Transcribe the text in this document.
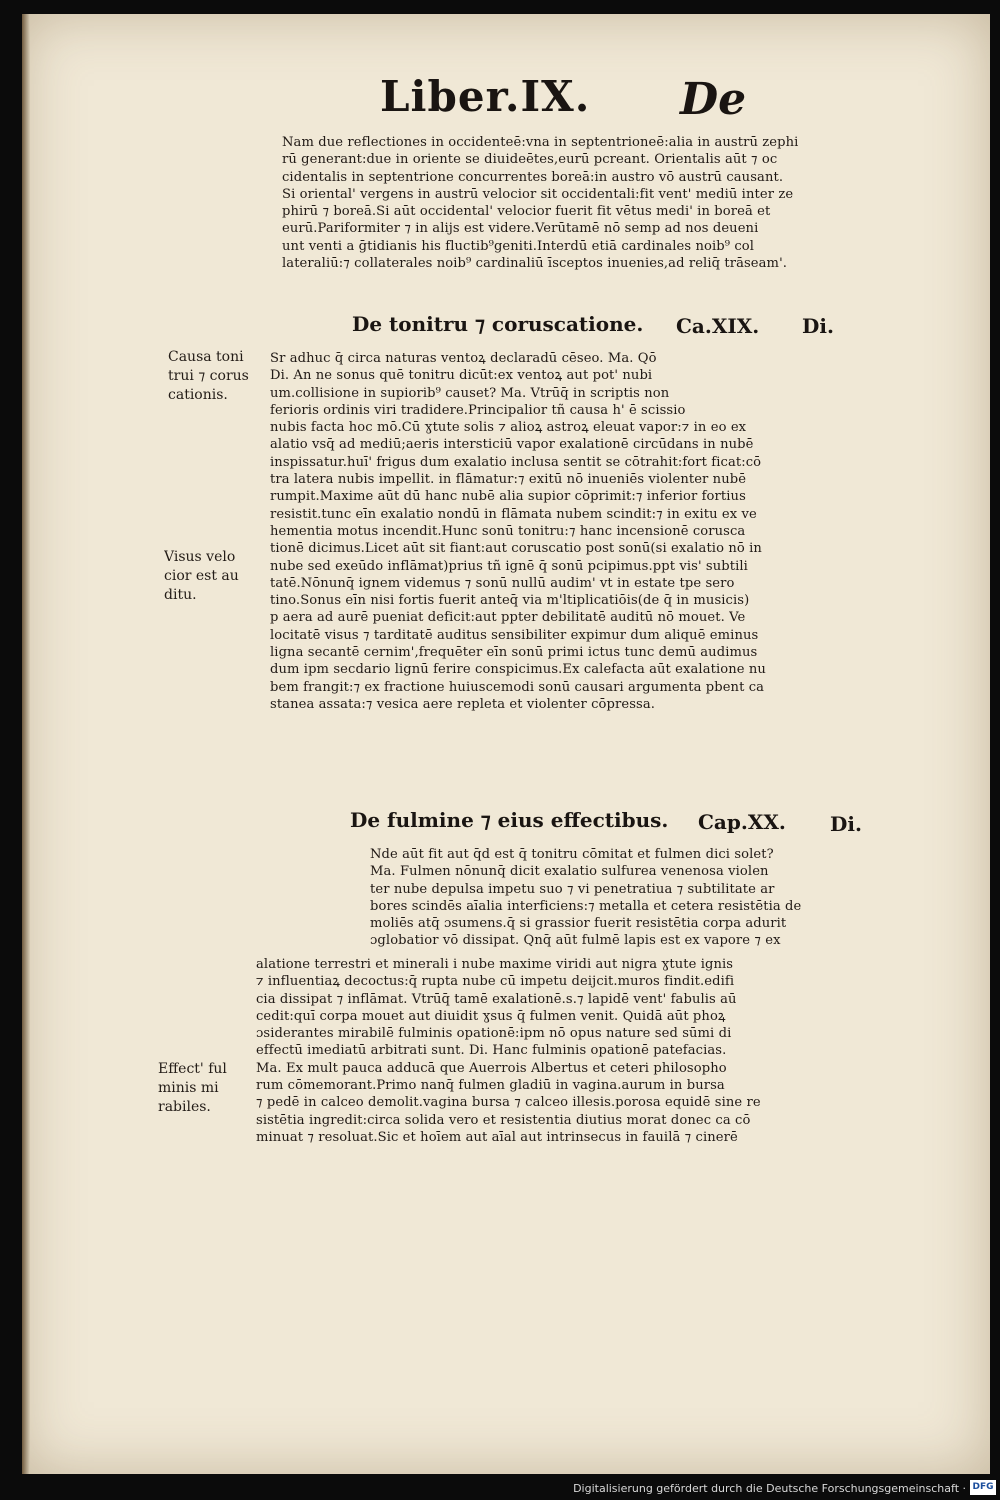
Liber.IX. De
Nam due reflectiones in occidenteē:vna in septentrioneē:alia in austrū zephi
rū generant:due in oriente se diuideētes,eurū pcreant. Orientalis aūt ⁊ oc
cidentalis in septentrione concurrentes boreā:in austro vō austrū causant.
Si oriental' vergens in austrū velocior sit occidentali:fit vent' mediū inter ze
phirū ⁊ boreā.Si aūt occidental' velocior fuerit fit vētus medi' in boreā et
eurū.Pariformiter ⁊ in alijs est videre.Verūtamē nō semp ad nos deueni
unt venti a ḡtidianis his fluctib⁹geniti.Interdū etiā cardinales noib⁹ col
lateraliū:⁊ collaterales noib⁹ cardinaliū īsceptos inuenies,ad reliq̄ trāseam'.
De tonitru ⁊ coruscatione. Ca.XIX. Di.
Causa toni
trui ⁊ corus
cationis.
Sr adhuc q̄ circa naturas ventoꝝ declaradū cēseo. Ma. Qō
Di. An ne sonus quē tonitru dicūt:ex ventoꝝ aut pot' nubi
um.collisione in supiorib⁹ causet? Ma. Vtrūq̄ in scriptis non
ferioris ordinis viri tradidere.Principalior tñ causa h' ē scissio
nubis facta hoc mō.Cū ɣtute solis ⁊ alioꝝ astroꝝ eleuat vapor:⁊ in eo ex
alatio vsq̄ ad mediū;aeris intersticiū vapor exalationē circūdans in nubē
inspissatur.huī' frigus dum exalatio inclusa sentit se cōtrahit:fort ficat:cō
tra latera nubis impellit. in flāmatur:⁊ exitū nō inueniēs violenter nubē
rumpit.Maxime aūt dū hanc nubē alia supior cōprimit:⁊ inferior fortius
resistit.tunc eīn exalatio nondū in flāmata nubem scindit:⁊ in exitu ex ve
hementia motus incendit.Hunc sonū tonitru:⁊ hanc incensionē corusca
tionē dicimus.Licet aūt sit fiant:aut coruscatio post sonū(si exalatio nō in
nube sed exeūdo inflāmat)prius tñ ignē q̄ sonū pcipimus.ppt vis' subtili
tatē.Nōnunq̄ ignem videmus ⁊ sonū nullū audim' vt in estate tpe sero
tino.Sonus eīn nisi fortis fuerit anteq̄ via m'ltiplicatiōis(de q̄ in musicis)
p aera ad aurē pueniat deficit:aut ppter debilitatē auditū nō mouet. Ve
locitatē visus ⁊ tarditatē auditus sensibiliter expimur dum aliquē eminus
ligna secantē cernim',frequēter eīn sonū primi ictus tunc demū audimus
dum ipm secdario lignū ferire conspicimus.Ex calefacta aūt exalatione nu
bem frangit:⁊ ex fractione huiuscemodi sonū causari argumenta pbent ca
stanea assata:⁊ vesica aere repleta et violenter cōpressa.
Visus velo
cior est au
ditu.
De fulmine ⁊ eius effectibus. Cap.XX. Di.
Nde aūt fit aut q̄d est q̄ tonitru cōmitat et fulmen dici solet?
Ma. Fulmen nōnunq̄ dicit exalatio sulfurea venenosa violen
ter nube depulsa impetu suo ⁊ vi penetratiua ⁊ subtilitate ar
bores scindēs aīalia interficiens:⁊ metalla et cetera resistētia de
moliēs atq̄ ɔsumens.q̄ si grassior fuerit resistētia corpa adurit
ɔglobatior vō dissipat. Qnq̄ aūt fulmē lapis est ex vapore ⁊ ex
alatione terrestri et minerali i nube maxime viridi aut nigra ɣtute ignis
⁊ influentiaꝝ decoctus:q̄ rupta nube cū impetu deijcit.muros findit.edifi
cia dissipat ⁊ inflāmat. Vtrūq̄ tamē exalationē.s.⁊ lapidē vent' fabulis aū
cedit:quī corpa mouet aut diuidit ɣsus q̄ fulmen venit. Quidā aūt phoꝝ
ɔsiderantes mirabilē fulminis opationē:ipm nō opus nature sed sūmi di
effectū imediatū arbitrati sunt. Di. Hanc fulminis opationē patefacias.
Ma. Ex mult pauca adducā que Auerrois Albertus et ceteri philosopho
rum cōmemorant.Primo nanq̄ fulmen gladiū in vagina.aurum in bursa
⁊ pedē in calceo demolit.vagina bursa ⁊ calceo illesis.porosa equidē sine re
sistētia ingredit:circa solida vero et resistentia diutius morat donec ca cō
minuat ⁊ resoluat.Sic et hoīem aut aīal aut intrinsecus in fauilā ⁊ cinerē
Effect' ful
minis mi
rabiles.
Digitalisierung gefördert durch die Deutsche Forschungsgemeinschaft · DFG
